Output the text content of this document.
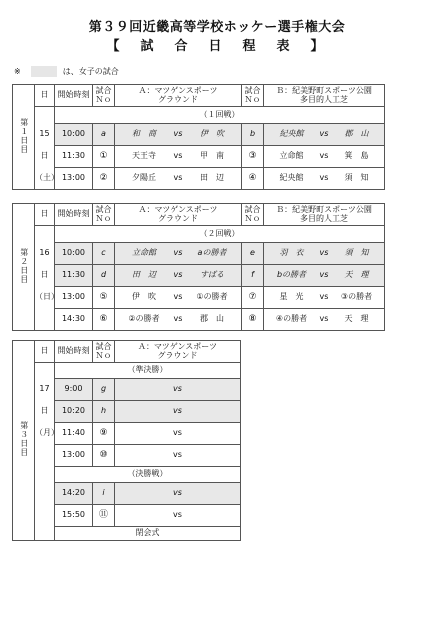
第３９回近畿高等学校ホッケー選手権大会
【　試　合　日　程　表　】
※	は、女子の試合
第１日目	日	開始時刻	試合
Ｎｏ	Ａ：マツゲンスポーツ
グラウンド	試合
Ｎｏ	Ｂ：紀美野町スポーツ公園
多目的人工芝
		（１回戦）				
	15	10:00	a	和　商 vs 伊　吹	b	紀央館 vs 郡　山

	日	11:30	①	天王寺 vs 甲　南	③	立命館 vs 箕　島

	（土）	13:00	②	夕陽丘 vs 田　辺	④	紀央館 vs 須　知
第２日目	日	開始時刻	試合
Ｎｏ	Ａ：マツゲンスポーツ
グラウンド	試合
Ｎｏ	Ｂ：紀美野町スポーツ公園
多目的人工芝
		（２回戦）				
	16	10:00	c	立命館 vs aの勝者	e	羽　衣 vs 須　知

	日	11:30	d	田　辺 vs すばる	f	bの勝者 vs 天　理

	（日）	13:00	⑤	伊　吹 vs ①の勝者	⑦	星　光 vs ③の勝者

		14:30	⑥	②の勝者 vs 郡　山	⑧	④の勝者 vs 天　理
第３日目	日	開始時刻	試合
Ｎｏ	Ａ：マツゲンスポーツ
グラウンド
		（準決勝）		
	17	9:00	g	vs
	日	10:20	h	vs
	（月）	11:40	⑨	vs
		13:00	⑩	vs
		（決勝戦）		
		14:20	i	vs
		15:50	⑪	vs
		閉会式		
